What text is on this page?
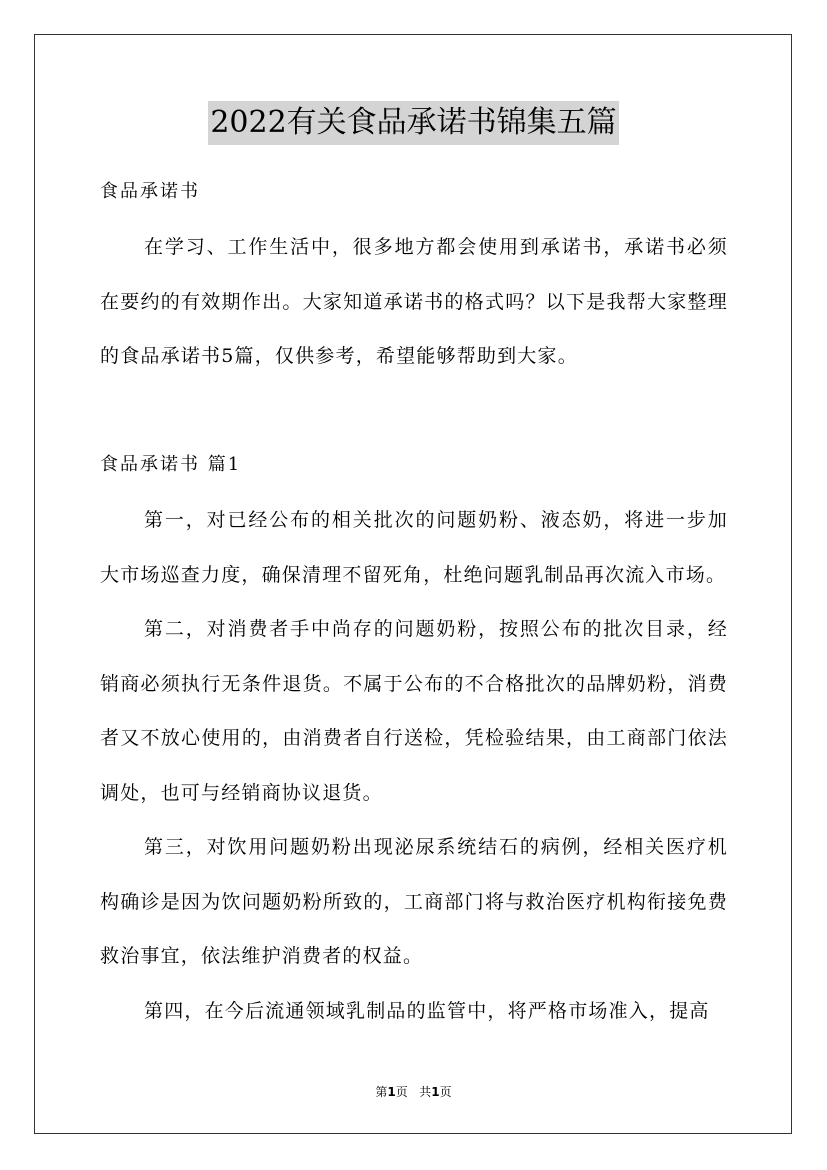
2022有关食品承诺书锦集五篇
食品承诺书

在学习、工作生活中，很多地方都会使用到承诺书，承诺书必须在要约的有效期作出。大家知道承诺书的格式吗？以下是我帮大家整理的食品承诺书5篇，仅供参考，希望能够帮助到大家。

食品承诺书 篇1

第一，对已经公布的相关批次的问题奶粉、液态奶，将进一步加大市场巡查力度，确保清理不留死角，杜绝问题乳制品再次流入市场。

第二，对消费者手中尚存的问题奶粉，按照公布的批次目录，经销商必须执行无条件退货。不属于公布的不合格批次的品牌奶粉，消费者又不放心使用的，由消费者自行送检，凭检验结果，由工商部门依法调处，也可与经销商协议退货。

第三，对饮用问题奶粉出现泌尿系统结石的病例，经相关医疗机构确诊是因为饮问题奶粉所致的，工商部门将与救治医疗机构衔接免费救治事宜，依法维护消费者的权益。

第四，在今后流通领域乳制品的监管中，将严格市场准入，提高

第1页 共1页
